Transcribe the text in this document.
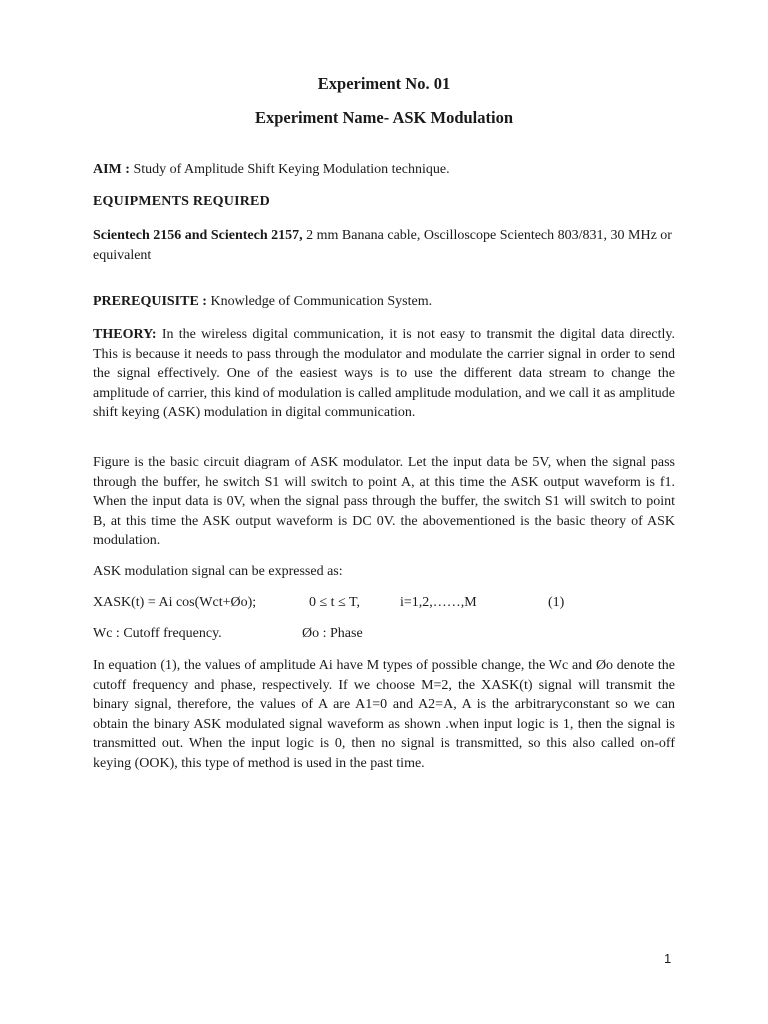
Experiment No. 01
Experiment Name- ASK Modulation

AIM : Study of Amplitude Shift Keying Modulation technique.

EQUIPMENTS REQUIRED

Scientech 2156 and Scientech 2157, 2 mm Banana cable, Oscilloscope Scientech 803/831, 30 MHz or equivalent

PREREQUISITE : Knowledge of Communication System.

THEORY: In the wireless digital communication, it is not easy to transmit the digital data directly. This is because it needs to pass through the modulator and modulate the carrier signal in order to send the signal effectively. One of the easiest ways is to use the different data stream to change the amplitude of carrier, this kind of modulation is called amplitude modulation, and we call it as amplitude shift keying (ASK) modulation in digital communication.

Figure is the basic circuit diagram of ASK modulator. Let the input data be 5V, when the signal pass through the buffer, he switch S1 will switch to point A, at this time the ASK output waveform is f1. When the input data is 0V, when the signal pass through the buffer, the switch S1 will switch to point B, at this time the ASK output waveform is DC 0V. the abovementioned is the basic theory of ASK modulation.

ASK modulation signal can be expressed as:

XASK(t) = Ai cos(Wct+Øo);	0 ≤ t ≤ T,	i=1,2,……,M	(1)
Wc : Cutoff frequency.	Øo : Phase

In equation (1), the values of amplitude Ai have M types of possible change, the Wc and Øo denote the cutoff frequency and phase, respectively. If we choose M=2, the XASK(t) signal will transmit the binary signal, therefore, the values of A are A1=0 and A2=A, A is the arbitraryconstant so we can obtain the binary ASK modulated signal waveform as shown .when input logic is 1, then the signal is transmitted out. When the input logic is 0, then no signal is transmitted, so this also called on-off keying (OOK), this type of method is used in the past time.

1
